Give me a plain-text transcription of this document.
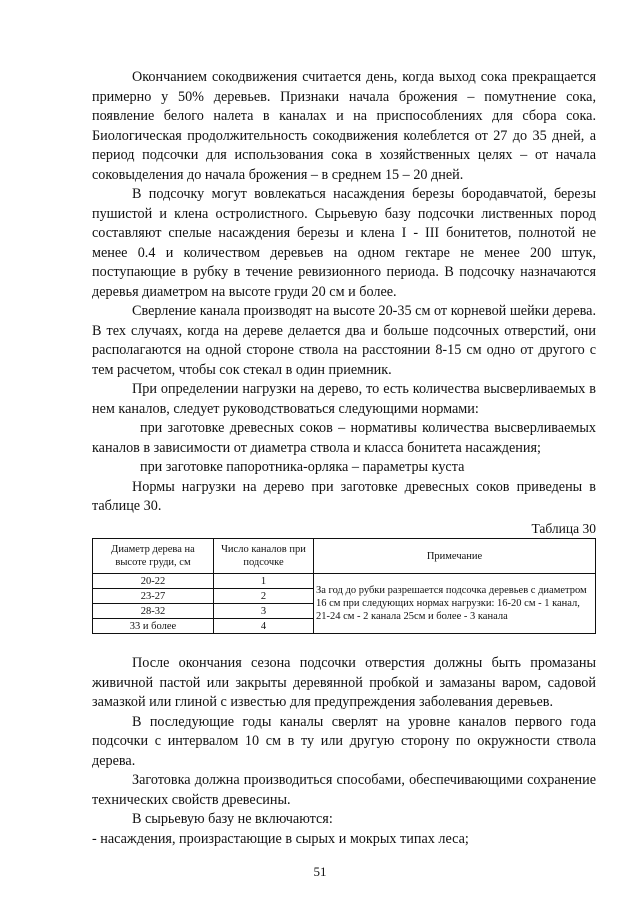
Окончанием сокодвижения считается день, когда выход сока прекращается примерно у 50% деревьев. Признаки начала брожения – помутнение сока, появление белого налета в каналах и на приспособлениях для сбора сока. Биологическая продолжительность сокодвижения колеблется от 27 до 35 дней, а период подсочки для использования сока в хозяйственных целях – от начала соковыделения до начала брожения – в среднем 15 – 20 дней.

В подсочку могут вовлекаться насаждения березы бородавчатой, березы пушистой и клена остролистного. Сырьевую базу подсочки лиственных пород составляют спелые насаждения березы и клена I - III бонитетов, полнотой не менее 0.4 и количеством деревьев на одном гектаре не менее 200 штук, поступающие в рубку в течение ревизионного периода. В подсочку назначаются деревья диаметром на высоте груди 20 см и более.

Сверление канала производят на высоте 20-35 см от корневой шейки дерева. В тех случаях, когда на дереве делается два и больше подсочных отверстий, они располагаются на одной стороне ствола на расстоянии 8-15 см одно от другого с тем расчетом, чтобы сок стекал в один приемник.

При определении нагрузки на дерево, то есть количества высверливаемых в нем каналов, следует руководствоваться следующими нормами:

при заготовке древесных соков – нормативы количества высверливаемых каналов в зависимости от диаметра ствола и класса бонитета насаждения;

при заготовке папоротника-орляка – параметры куста

Нормы нагрузки на дерево при заготовке древесных соков приведены в таблице 30.

Таблица 30
Диаметр дерева на высоте груди, см	Число каналов при подсочке	Примечание
20-22	1	За год до рубки разрешается подсочка деревьев с диаметром 16 см при следующих нормах нагрузки: 16-20 см - 1 канал, 21-24 см - 2 канала 25см и более - 3 канала
23-27	2	
28-32	3	
33 и более	4	

После окончания сезона подсочки отверстия должны быть промазаны живичной пастой или закрыты деревянной пробкой и замазаны варом, садовой замазкой или глиной с известью для предупреждения заболевания деревьев.

В последующие годы каналы сверлят на уровне каналов первого года подсочки с интервалом 10 см в ту или другую сторону по окружности ствола дерева.

Заготовка должна производиться способами, обеспечивающими сохранение технических свойств древесины.

В сырьевую базу не включаются:

- насаждения, произрастающие в сырых и мокрых типах леса;

51
